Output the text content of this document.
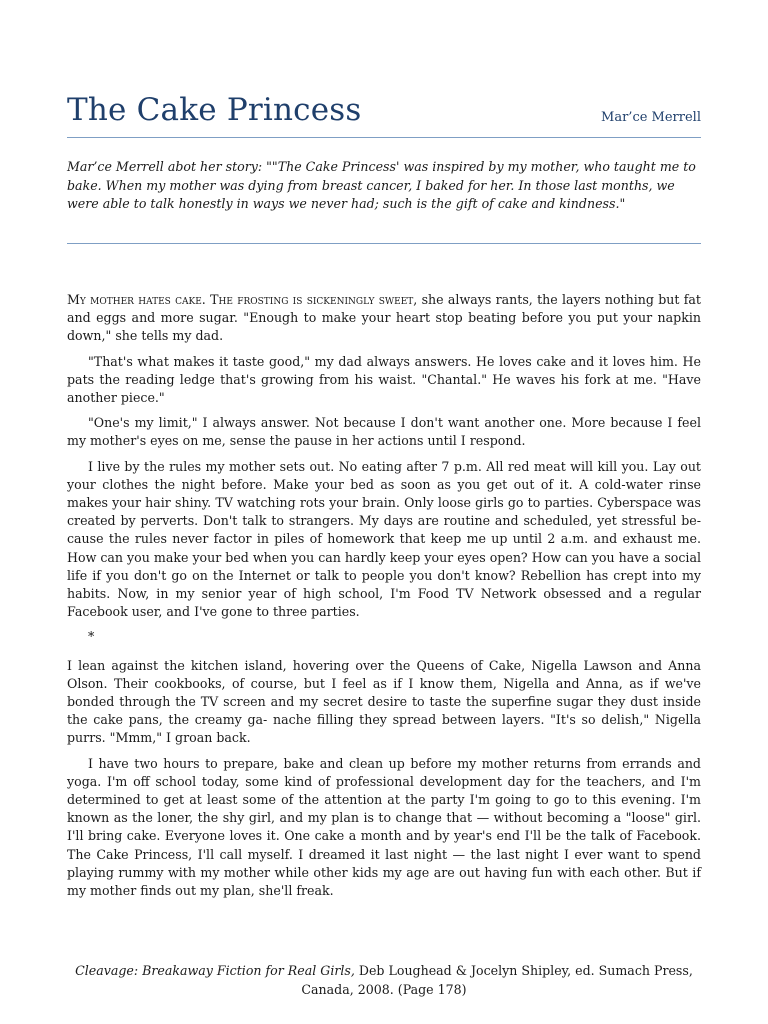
The Cake Princess	Mar’ce Merrell
Mar’ce Merrell abot her story: ""The Cake Princess' was inspired by my mother, who taught me to bake. When my mother was dying from breast cancer, I baked for her. In those last months, we were able to talk honestly in ways we never had; such is the gift of cake and kindness."

My mother hates cake. The frosting is sickeningly sweet, she always rants, the layers nothing but fat and eggs and more sugar. "Enough to make your heart stop beating before you put your napkin down," she tells my dad.

"That's what makes it taste good," my dad always answers. He loves cake and it loves him. He pats the reading ledge that's growing from his waist. "Chantal." He waves his fork at me. "Have another piece."

"One's my limit," I always answer. Not because I don't want another one. More because I feel my mother's eyes on me, sense the pause in her actions until I respond.

I live by the rules my mother sets out. No eating after 7 p.m. All red meat will kill you. Lay out your clothes the night before. Make your bed as soon as you get out of it. A cold-water rinse makes your hair shiny. TV watching rots your brain. Only loose girls go to parties. Cyberspace was created by perverts. Don't talk to strangers. My days are routine and scheduled, yet stressful be- cause the rules never factor in piles of homework that keep me up until 2 a.m. and exhaust me. How can you make your bed when you can hardly keep your eyes open? How can you have a social life if you don't go on the Internet or talk to people you don't know? Rebellion has crept into my habits. Now, in my senior year of high school, I'm Food TV Network obsessed and a regular Facebook user, and I've gone to three parties.

*

I lean against the kitchen island, hovering over the Queens of Cake, Nigella Lawson and Anna Olson. Their cookbooks, of course, but I feel as if I know them, Nigella and Anna, as if we've bonded through the TV screen and my secret desire to taste the superfine sugar they dust inside the cake pans, the creamy ga- nache filling they spread between layers. "It's so delish," Nigella purrs. "Mmm," I groan back.

I have two hours to prepare, bake and clean up before my mother returns from errands and yoga. I'm off school today, some kind of professional development day for the teachers, and I'm determined to get at least some of the attention at the party I'm going to go to this evening. I'm known as the loner, the shy girl, and my plan is to change that — without becoming a "loose" girl. I'll bring cake. Everyone loves it. One cake a month and by year's end I'll be the talk of Facebook. The Cake Princess, I'll call myself. I dreamed it last night — the last night I ever want to spend playing rummy with my mother while other kids my age are out having fun with each other. But if my mother finds out my plan, she'll freak.

Cleavage: Breakaway Fiction for Real Girls, Deb Loughead & Jocelyn Shipley, ed. Sumach Press, Canada, 2008. (Page 178)
